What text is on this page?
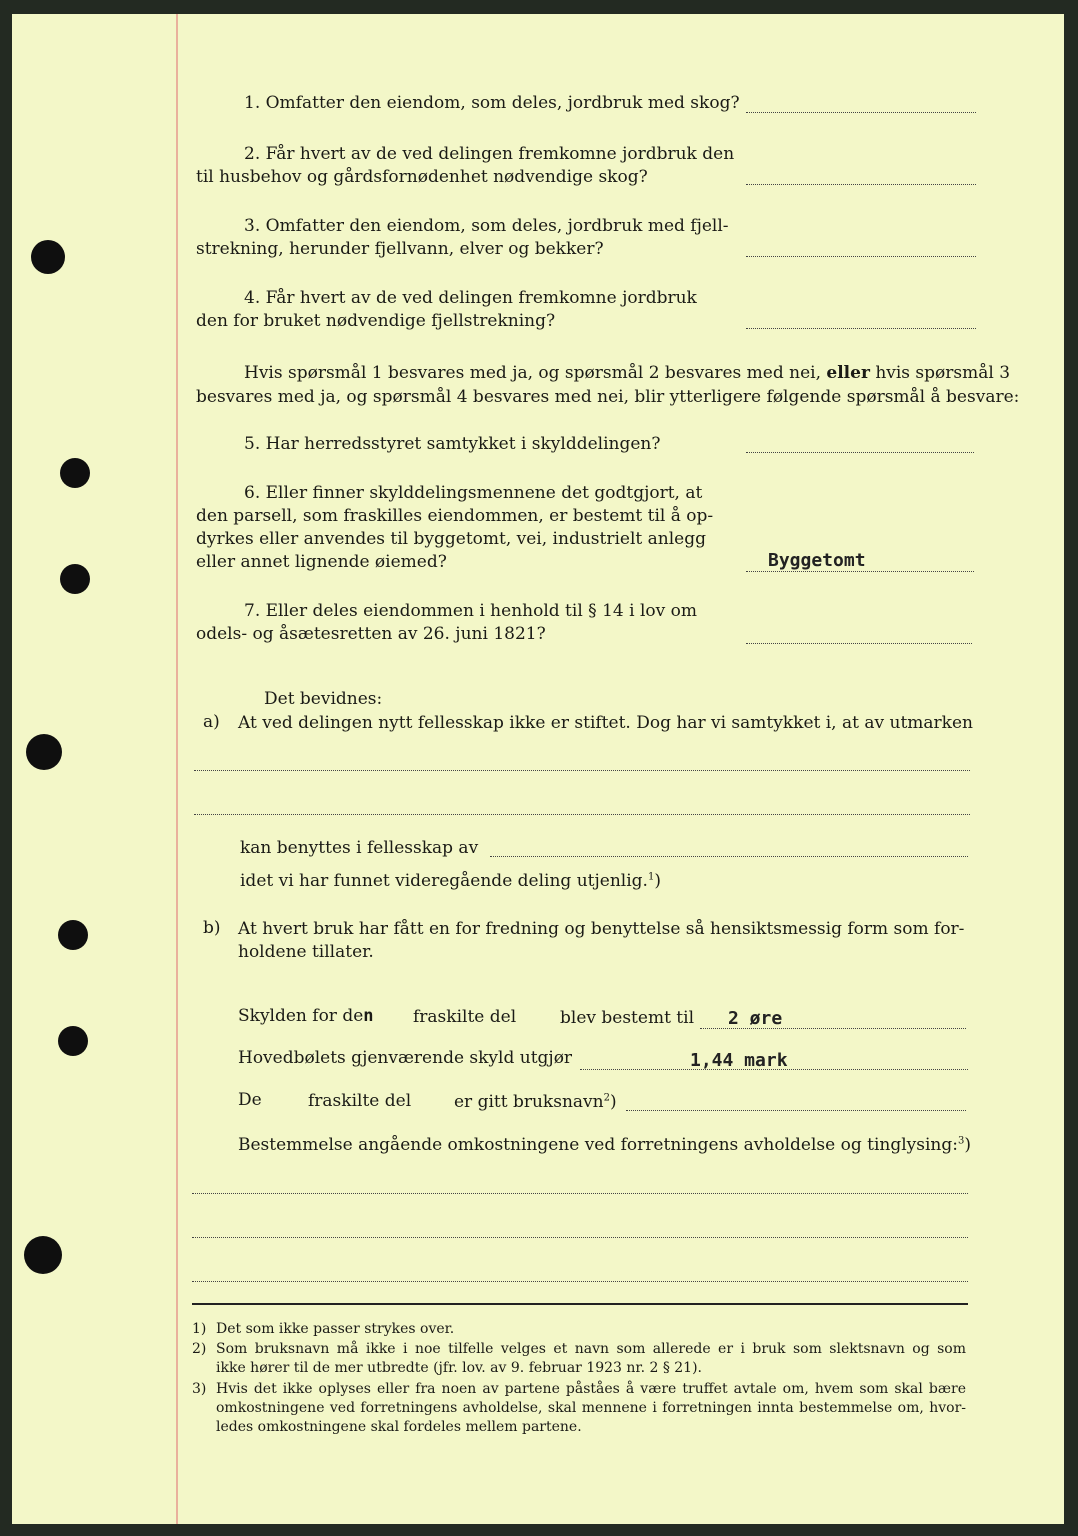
1. Omfatter den eiendom, som deles, jordbruk med skog?
2. Får hvert av de ved delingen fremkomne jordbruk den
til husbehov og gårdsfornødenhet nødvendige skog?
3. Omfatter den eiendom, som deles, jordbruk med fjell-
strekning, herunder fjellvann, elver og bekker?
4. Får hvert av de ved delingen fremkomne jordbruk
den for bruket nødvendige fjellstrekning?
Hvis spørsmål 1 besvares med ja, og spørsmål 2 besvares med nei, eller hvis spørsmål 3
besvares med ja, og spørsmål 4 besvares med nei, blir ytterligere følgende spørsmål å besvare:
5. Har herredsstyret samtykket i skylddelingen?
6. Eller finner skylddelingsmennene det godtgjort, at
den parsell, som fraskilles eiendommen, er bestemt til å op-
dyrkes eller anvendes til byggetomt, vei, industrielt anlegg
eller annet lignende øiemed?	Byggetomt
7. Eller deles eiendommen i henhold til § 14 i lov om
odels- og åsætesretten av 26. juni 1821?
Det bevidnes:
a) At ved delingen nytt fellesskap ikke er stiftet. Dog har vi samtykket i, at av utmarken
kan benyttes i fellesskap av
idet vi har funnet videregående deling utjenlig.$^1$)
b) At hvert bruk har fått en for fredning og benyttelse så hensiktsmessig form som for-
holdene tillater.
Skylden for den fraskilte del	blev bestemt til 2 øre
Hovedbølets gjenværende skyld utgjør	1,44 mark
De	fraskilte del	er gitt bruksnavn$^2$)
Bestemmelse angående omkostningene ved forretningens avholdelse og tinglysing:$^3$)
1) Det som ikke passer strykes over.
2) Som bruksnavn må ikke i noe tilfelle velges et navn som allerede er i bruk som slektsnavn og som
ikke hører til de mer utbredte (jfr. lov. av 9. februar 1923 nr. 2 § 21).
3) Hvis det ikke oplyses eller fra noen av partene påståes å være truffet avtale om, hvem som skal bære
omkostningene ved forretningens avholdelse, skal mennene i forretningen innta bestemmelse om, hvor-
ledes omkostningene skal fordeles mellem partene.
